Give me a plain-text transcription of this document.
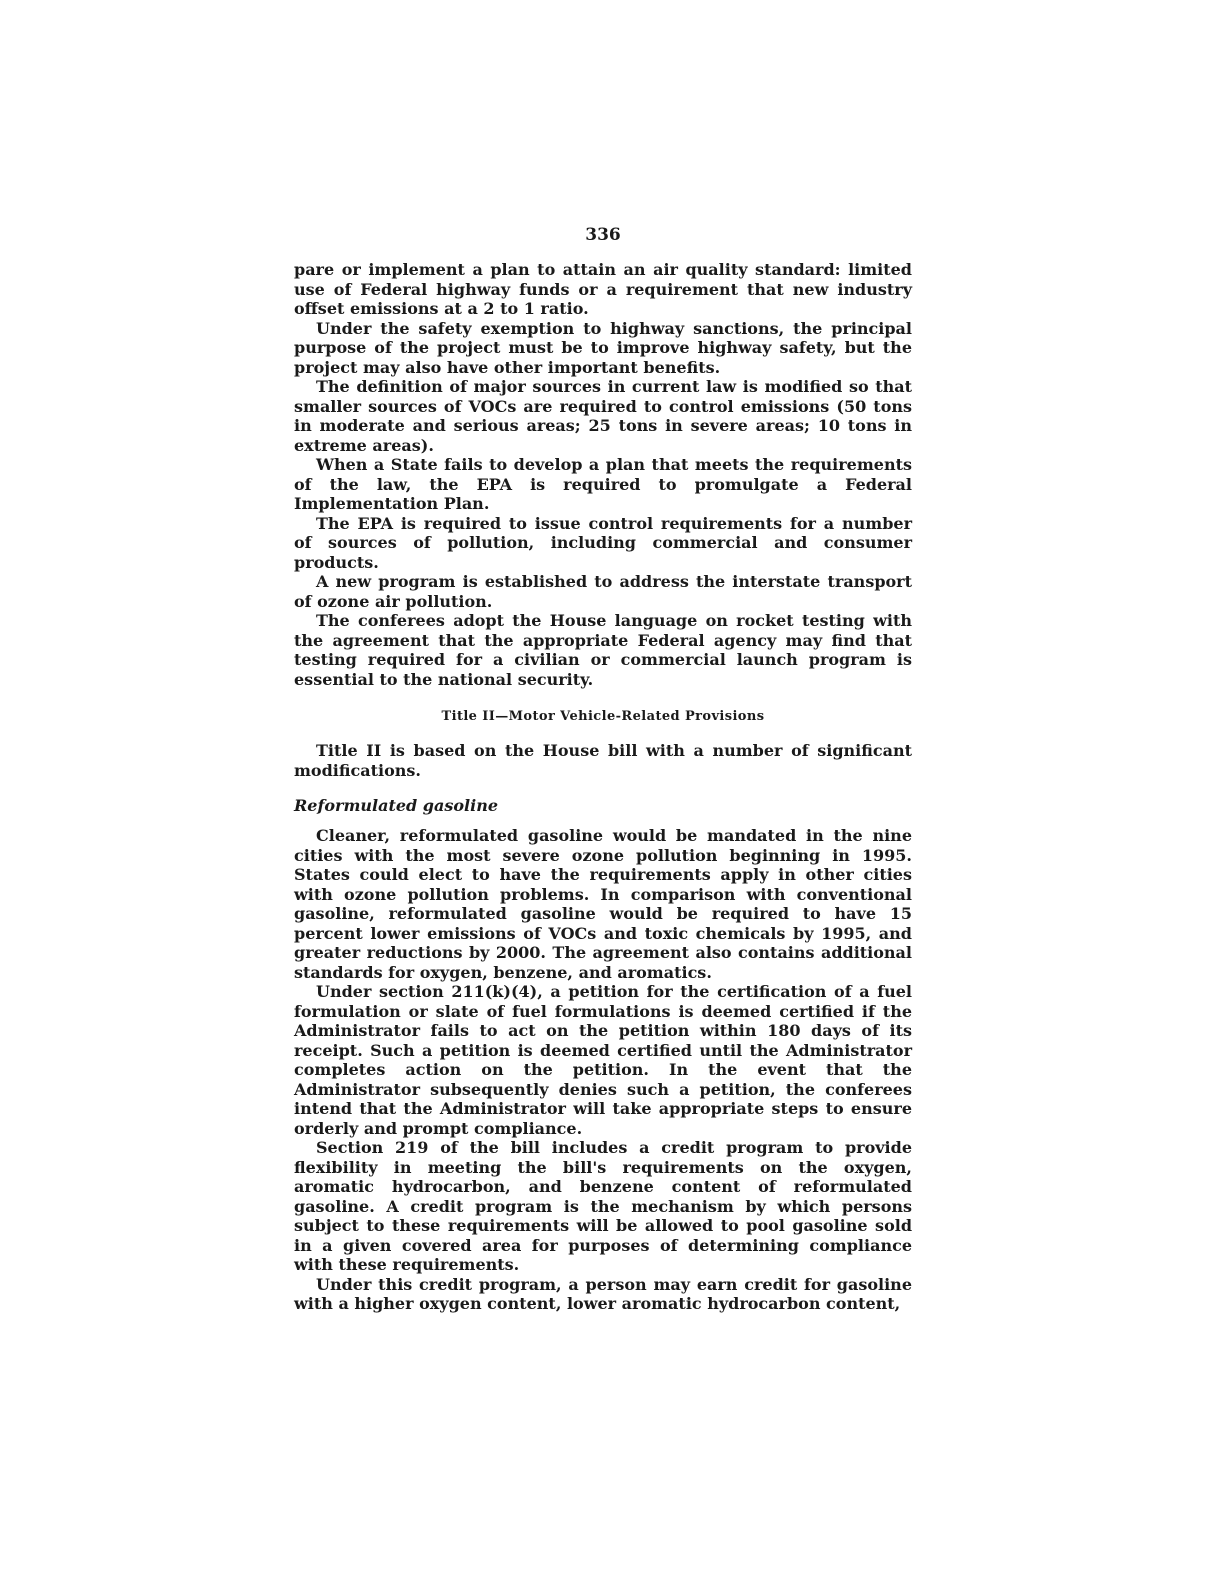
336

pare or implement a plan to attain an air quality standard: limited use of Federal highway funds or a requirement that new industry offset emissions at a 2 to 1 ratio.

Under the safety exemption to highway sanctions, the principal purpose of the project must be to improve highway safety, but the project may also have other important benefits.

The definition of major sources in current law is modified so that smaller sources of VOCs are required to control emissions (50 tons in moderate and serious areas; 25 tons in severe areas; 10 tons in extreme areas).

When a State fails to develop a plan that meets the requirements of the law, the EPA is required to promulgate a Federal Implementation Plan.

The EPA is required to issue control requirements for a number of sources of pollution, including commercial and consumer products.

A new program is established to address the interstate transport of ozone air pollution.

The conferees adopt the House language on rocket testing with the agreement that the appropriate Federal agency may find that testing required for a civilian or commercial launch program is essential to the national security.

Title II—Motor Vehicle-Related Provisions

Title II is based on the House bill with a number of significant modifications.

Reformulated gasoline

Cleaner, reformulated gasoline would be mandated in the nine cities with the most severe ozone pollution beginning in 1995. States could elect to have the requirements apply in other cities with ozone pollution problems. In comparison with conventional gasoline, reformulated gasoline would be required to have 15 percent lower emissions of VOCs and toxic chemicals by 1995, and greater reductions by 2000. The agreement also contains additional standards for oxygen, benzene, and aromatics.

Under section 211(k)(4), a petition for the certification of a fuel formulation or slate of fuel formulations is deemed certified if the Administrator fails to act on the petition within 180 days of its receipt. Such a petition is deemed certified until the Administrator completes action on the petition. In the event that the Administrator subsequently denies such a petition, the conferees intend that the Administrator will take appropriate steps to ensure orderly and prompt compliance.

Section 219 of the bill includes a credit program to provide flexibility in meeting the bill's requirements on the oxygen, aromatic hydrocarbon, and benzene content of reformulated gasoline. A credit program is the mechanism by which persons subject to these requirements will be allowed to pool gasoline sold in a given covered area for purposes of determining compliance with these requirements.

Under this credit program, a person may earn credit for gasoline with a higher oxygen content, lower aromatic hydrocarbon content,
